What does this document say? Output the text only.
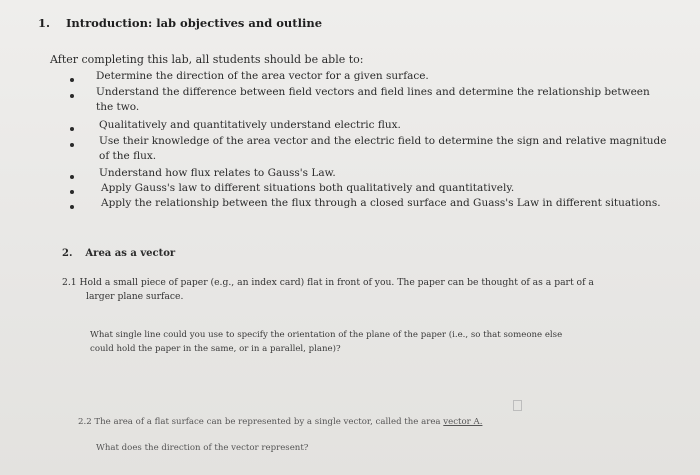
1. Introduction: lab objectives and outline
After completing this lab, all students should be able to:
Determine the direction of the area vector for a given surface.
Understand the difference between field vectors and field lines and determine the relationship between
the two.
Qualitatively and quantitatively understand electric flux.
Use their knowledge of the area vector and the electric field to determine the sign and relative magnitude
of the flux.
Understand how flux relates to Gauss's Law.
Apply Gauss's law to different situations both qualitatively and quantitatively.
Apply the relationship between the flux through a closed surface and Guass's Law in different situations.
2. Area as a vector
2.1 Hold a small piece of paper (e.g., an index card) flat in front of you. The paper can be thought of as a part of a
larger plane surface.
What single line could you use to specify the orientation of the plane of the paper (i.e., so that someone else
could hold the paper in the same, or in a parallel, plane)?
2.2 The area of a flat surface can be represented by a single vector, called the area vector A.
What does the direction of the vector represent?
